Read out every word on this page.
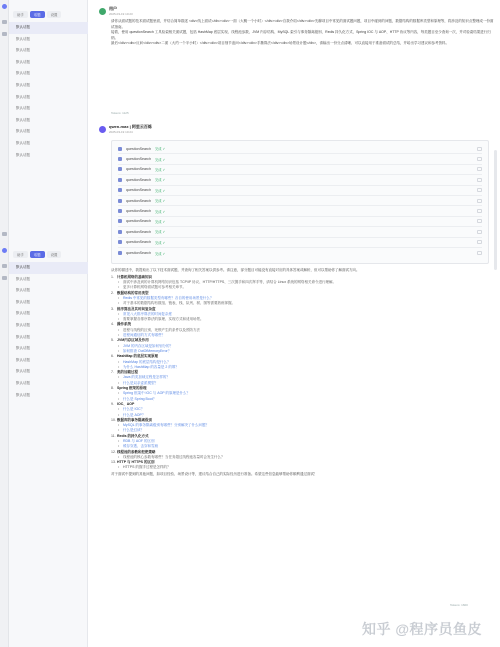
助手	话题	设置
默认话题
默认话题
默认话题
默认话题
默认话题
默认话题
默认话题
默认话题
默认话题
默认话题
默认话题
默认话题
助手	话题	设置
默认话题
默认话题
默认话题
默认话题
默认话题
默认话题
默认话题
默认话题
默认话题
默认话题
默认话题
默认话题
用户
2025-03-19 10:23

请你从面试题的技术面试题里面，并结合简单描述 <div>线上面试</div><div>一面（大概一个小时）</div><div>自我介绍</div><div>先聊项目中常见的面试题问题，项目中碰到的问题，数据结构的数据库类型和原理等，将涉及的知识点整理成一份面试指南。

接着，使用 questionSearch 工具检索相关面试题，包括 HashMap 底层实现、线程池参数、JVM 内存结构、MySQL 索引与事务隔离级别、Redis 持久化方式、Spring IOC 与 AOP、HTTP 协议等内容，每类题目至少查询一次，并对检索结果进行归纳。

最后</div><div>反问</div><div>二面（大约一个半小时）</div><div>项目细节追问</div><div>手撕算法</div><div>场景设计题</div>，请输出一份分点清晰、可以直接用于准备面试的总结，并给出学习建议和参考资料。

Tokens: 1125
qwen-max | 阿里云百炼
2025-03-19 10:24
questionSearch 完成 ✓
questionSearch 完成 ✓
questionSearch 完成 ✓
questionSearch 完成 ✓
questionSearch 完成 ✓
questionSearch 完成 ✓
questionSearch 完成 ✓
questionSearch 完成 ✓
questionSearch 完成 ✓
questionSearch 完成 ✓
questionSearch 完成 ✓
从你的描述中，我提取出了以下技术面试题，并查询了相关答案以供参考。请注意，部分题目可能没有直接对应的具体答案或解析，但可以帮助你了解面试方向。
1. 计算机网络的基础知识
• 面试中涉及到的计算机网络知识包括 TCP/IP 协议、HTTP/HTTPS、三次握手和四次挥手等，请结合 Linux 系统的网络相关命令进行理解。
• 更多计算机网络面试题可参考相关章节。
2. 数据结构的常用类型
• Redis 中常见的数据类型有哪些？各自的使用场景是什么？
• 对于基本的数据结构有数组、链表、栈、队列、树、图等需要熟练掌握。
3. 排序算法及其时间复杂度
• 常见八大排序算法的时间复杂度
• 需要掌握各排序算法的原理、实现方式和适用场景。
4. 操作系统
• 进程与线程的区别、死锁产生的条件以及预防方法
• 进程间通信的方式有哪些？
5. JVM内存区域及作用
• JVM 的内存区域是如何划分的？
• 如何排查 OutOfMemoryError？
6. HashMap 的底层实现原理
• HashMap 的底层结构是什么？
• 为什么 HashMap 的容量是 2 的幂？
7. 类的加载过程
• Java 的类加载过程是怎样的？
• 什么是双亲委派模型？
8. Spring 框架的原理
• Spring 框架中 IOC 与 AOP 的原理是什么？
• 什么是 Spring Boot？
9. IOC、AOP
• 什么是 IOC？
• 什么是 AOP？
10. 数据库的事务隔离级别
• MySQL 的事务隔离级别有哪些？分别解决了什么问题？
• 什么是幻读？
11. Redis 的持久化方式
• RDB 与 AOF 的区别
• 缓存穿透、击穿和雪崩
12. 线程池的参数和拒绝策略
• 线程池的核心参数有哪些？当任务超过线程池容量时会发生什么？
13. HTTP 与 HTTPS 的区别
• HTTPS 的握手过程是怎样的？
对于面试中提到的其他问题，如项目经验、场景设计等，建议结合自己的实际经历进行准备。希望这些信息能够帮助你顺利通过面试！
Tokens: 1600
知乎 @程序员鱼皮
